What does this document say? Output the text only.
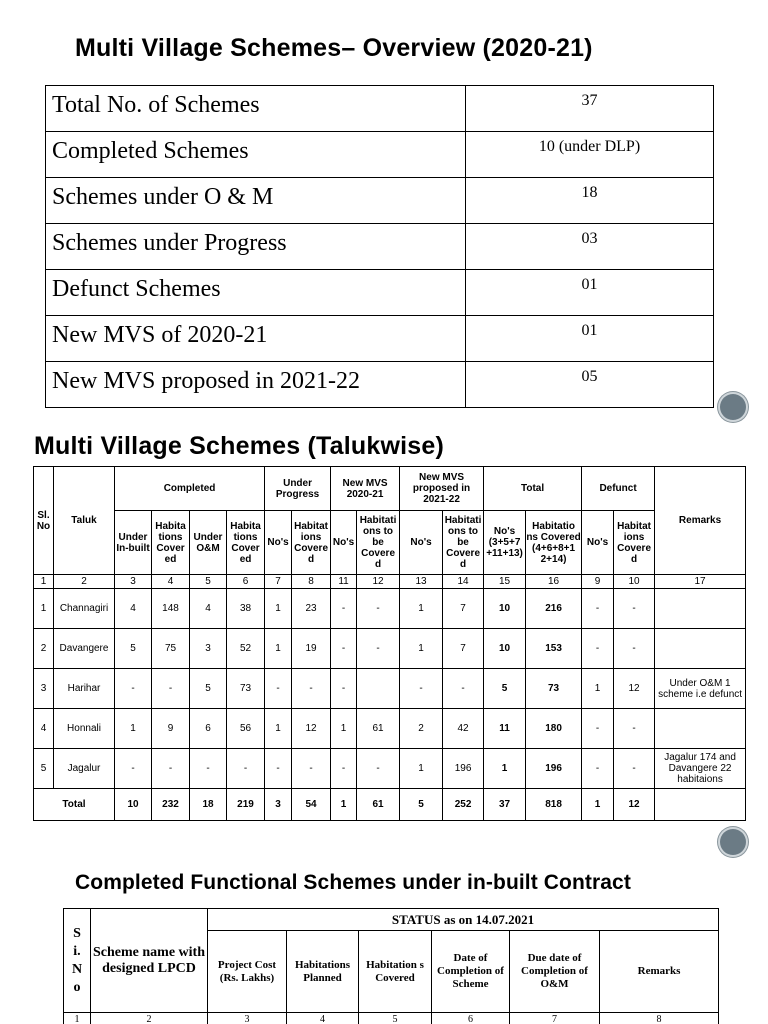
Multi Village Schemes– Overview (2020-21)
Total No. of Schemes	37
Completed Schemes	10 (under DLP)
Schemes under O & M	18
Schemes under Progress	03
Defunct Schemes	01
New MVS of 2020-21	01
New MVS proposed in 2021-22	05
Multi Village Schemes (Talukwise)
Sl. No	Taluk	Completed				Under Progress		New MVS 2020-21		New MVS proposed in 2021-22		Total		Defunct		Remarks
		Under In-built	Habita tions Cover ed	Under O&M	Habita tions Cover ed	No's	Habitat ions Covere d	No's	Habitati ons to be Covere d	No's	Habitati ons to be Covere d	No's (3+5+7 +11+13)	Habitatio ns Covered (4+6+8+1 2+14)	No's	Habitat ions Covere d	
1	2	3	4	5	6	7	8	11	12	13	14	15	16	9	10	17
1	Channagiri	4	148	4	38	1	23	-	-	1	7	10	216	-	-	
2	Davangere	5	75	3	52	1	19	-	-	1	7	10	153	-	-	
3	Harihar	-	-	5	73	-	-	-		-	-	5	73	1	12	Under O&M 1 scheme i.e defunct
4	Honnali	1	9	6	56	1	12	1	61	2	42	11	180	-	-	
5	Jagalur	-	-	-	-	-	-	-	-	1	196	1	196	-	-	Jagalur 174 and Davangere 22 habitaions
Total		10	232	18	219	3	54	1	61	5	252	37	818	1	12	
Completed Functional Schemes under in-built Contract
S i. N o	Scheme name with designed LPCD	STATUS as on 14.07.2021					
		Project Cost (Rs. Lakhs)	Habitations Planned	Habitation s Covered	Date of Completion of Scheme	Due date of Completion of O&M	Remarks
1	2	3	4	5	6	7	8
